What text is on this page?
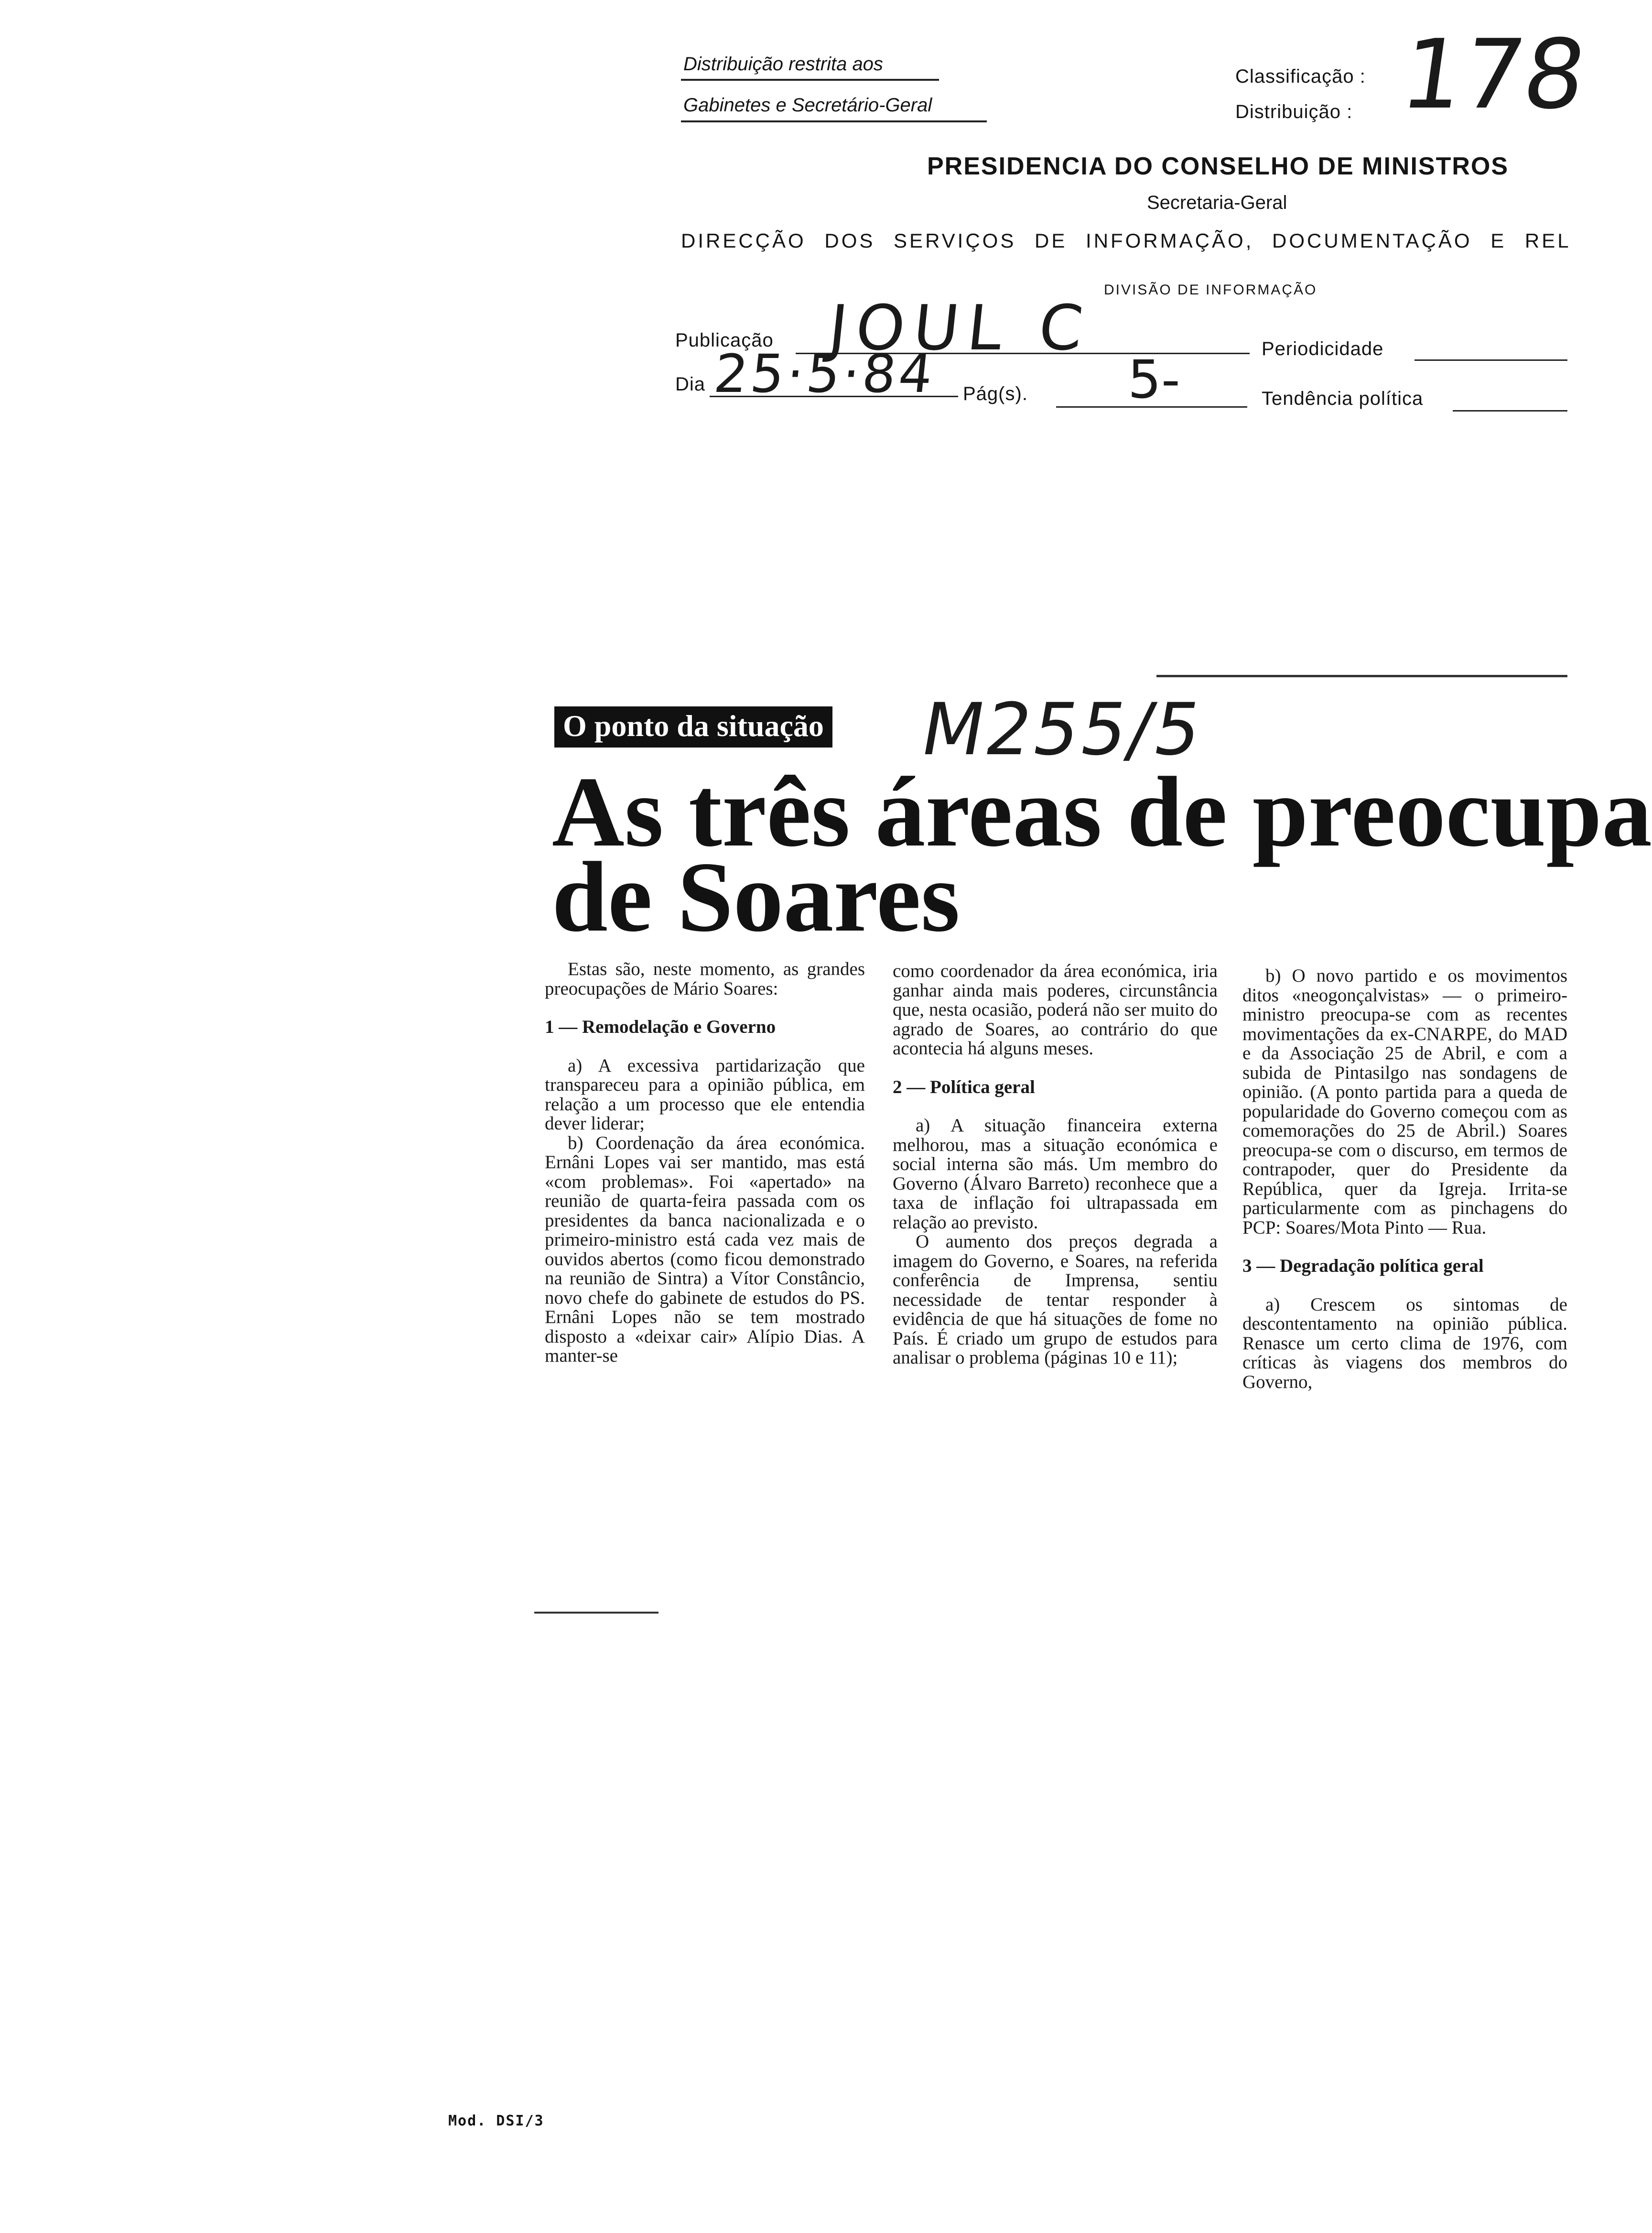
Distribuição restrita aos
Gabinetes e Secretário-Geral
Classificação :
Distribuição : 178
PRESIDENCIA DO CONSELHO DE MINISTROS
Secretaria-Geral
DIRECÇÃO DOS SERVIÇOS DE INFORMAÇÃO, DOCUMENTAÇÃO E REL
DIVISÃO DE INFORMAÇÃO
Publicação JOUL C	Periodicidade
Dia 25·5·84 Pág(s). 5-	Tendência política
O ponto da situação M255/5
As três áreas de preocupa
de Soares

Estas são, neste momento, as grandes preocupações de Mário Soares:

1 — Remodelação e Governo

a) A excessiva partidarização que transpareceu para a opinião pública, em relação a um processo que ele entendia dever liderar;

b) Coordenação da área económica. Ernâni Lopes vai ser mantido, mas está «com problemas». Foi «apertado» na reunião de quarta-feira passada com os presidentes da banca nacionalizada e o primeiro-ministro está cada vez mais de ouvidos abertos (como ficou demonstrado na reunião de Sintra) a Vítor Constâncio, novo chefe do gabinete de estudos do PS. Ernâni Lopes não se tem mostrado disposto a «deixar cair» Alípio Dias. A manter-se

como coordenador da área económica, iria ganhar ainda mais poderes, circunstância que, nesta ocasião, poderá não ser muito do agrado de Soares, ao contrário do que acontecia há alguns meses.

2 — Política geral

a) A situação financeira externa melhorou, mas a situação económica e social interna são más. Um membro do Governo (Álvaro Barreto) reconhece que a taxa de inflação foi ultrapassada em relação ao previsto.

O aumento dos preços degrada a imagem do Governo, e Soares, na referida conferência de Imprensa, sentiu necessidade de tentar responder à evidência de que há situações de fome no País. É criado um grupo de estudos para analisar o problema (páginas 10 e 11);

b) O novo partido e os movimentos ditos «neogonçalvistas» — o primeiro-ministro preocupa-se com as recentes movimentações da ex-CNARPE, do MAD e da Associação 25 de Abril, e com a subida de Pintasilgo nas sondagens de opinião. (A ponto partida para a queda de popularidade do Governo começou com as comemorações do 25 de Abril.) Soares preocupa-se com o discurso, em termos de contrapoder, quer do Presidente da República, quer da Igreja. Irrita-se particularmente com as pinchagens do PCP: Soares/Mota Pinto — Rua.

3 — Degradação política geral

a) Crescem os sintomas de descontentamento na opinião pública. Renasce um certo clima de 1976, com críticas às viagens dos membros do Governo,

Mod. DSI/3
